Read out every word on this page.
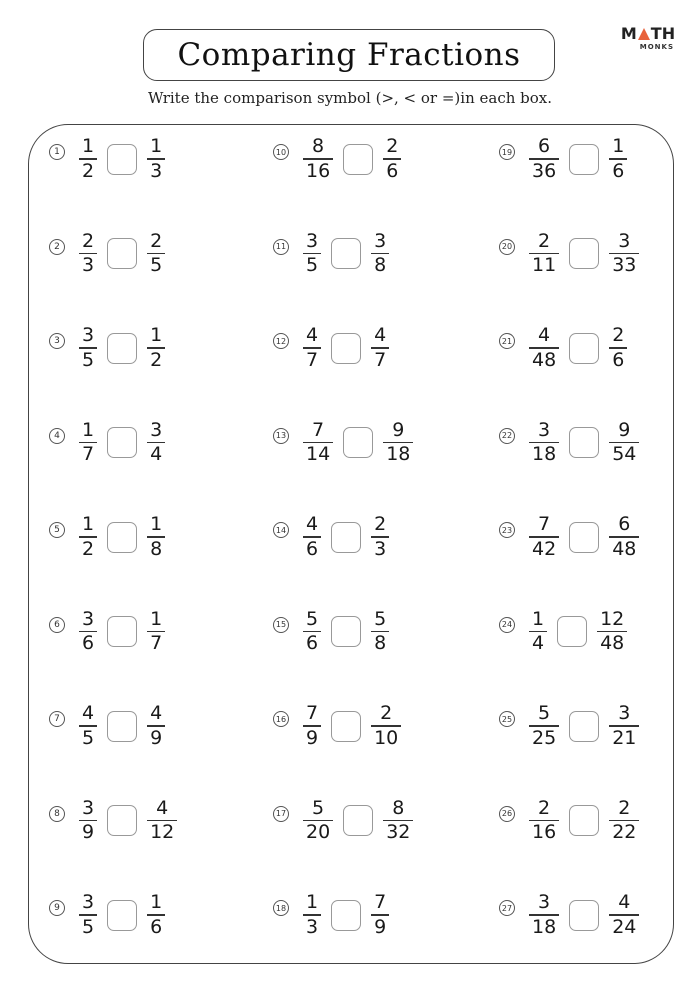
Comparing Fractions
M TH
MONKS
Write the comparison symbol (>, < or =)in each box.
$1 \frac{1}{2}$	$\frac{1}{3}$
$2 \frac{2}{3}$	$\frac{2}{5}$
$3 \frac{3}{5}$	$\frac{1}{2}$
$4 \frac{1}{7}$	$\frac{3}{4}$
$5 \frac{1}{2}$	$\frac{1}{8}$
$6 \frac{3}{6}$	$\frac{1}{7}$
$7 \frac{4}{5}$	$\frac{4}{9}$
$8 \frac{3}{9}$	$\frac{4}{12}$
$9 \frac{3}{5}$	$\frac{1}{6}$
$10 \frac{8}{16}$	$\frac{2}{6}$
$11 \frac{3}{5}$	$\frac{3}{8}$
$12 \frac{4}{7}$	$\frac{4}{7}$
$13 \frac{7}{14}$	$\frac{9}{18}$
$14 \frac{4}{6}$	$\frac{2}{3}$
$15 \frac{5}{6}$	$\frac{5}{8}$
$16 \frac{7}{9}$	$\frac{2}{10}$
$17 \frac{5}{20}$	$\frac{8}{32}$
$18 \frac{1}{3}$	$\frac{7}{9}$
$19 \frac{6}{36}$	$\frac{1}{6}$
$20 \frac{2}{11}$	$\frac{3}{33}$
$21 \frac{4}{48}$	$\frac{2}{6}$
$22 \frac{3}{18}$	$\frac{9}{54}$
$23 \frac{7}{42}$	$\frac{6}{48}$
$24 \frac{1}{4}$	$\frac{12}{48}$
$25 \frac{5}{25}$	$\frac{3}{21}$
$26 \frac{2}{16}$	$\frac{2}{22}$
$27 \frac{3}{18}$	$\frac{4}{24}$
